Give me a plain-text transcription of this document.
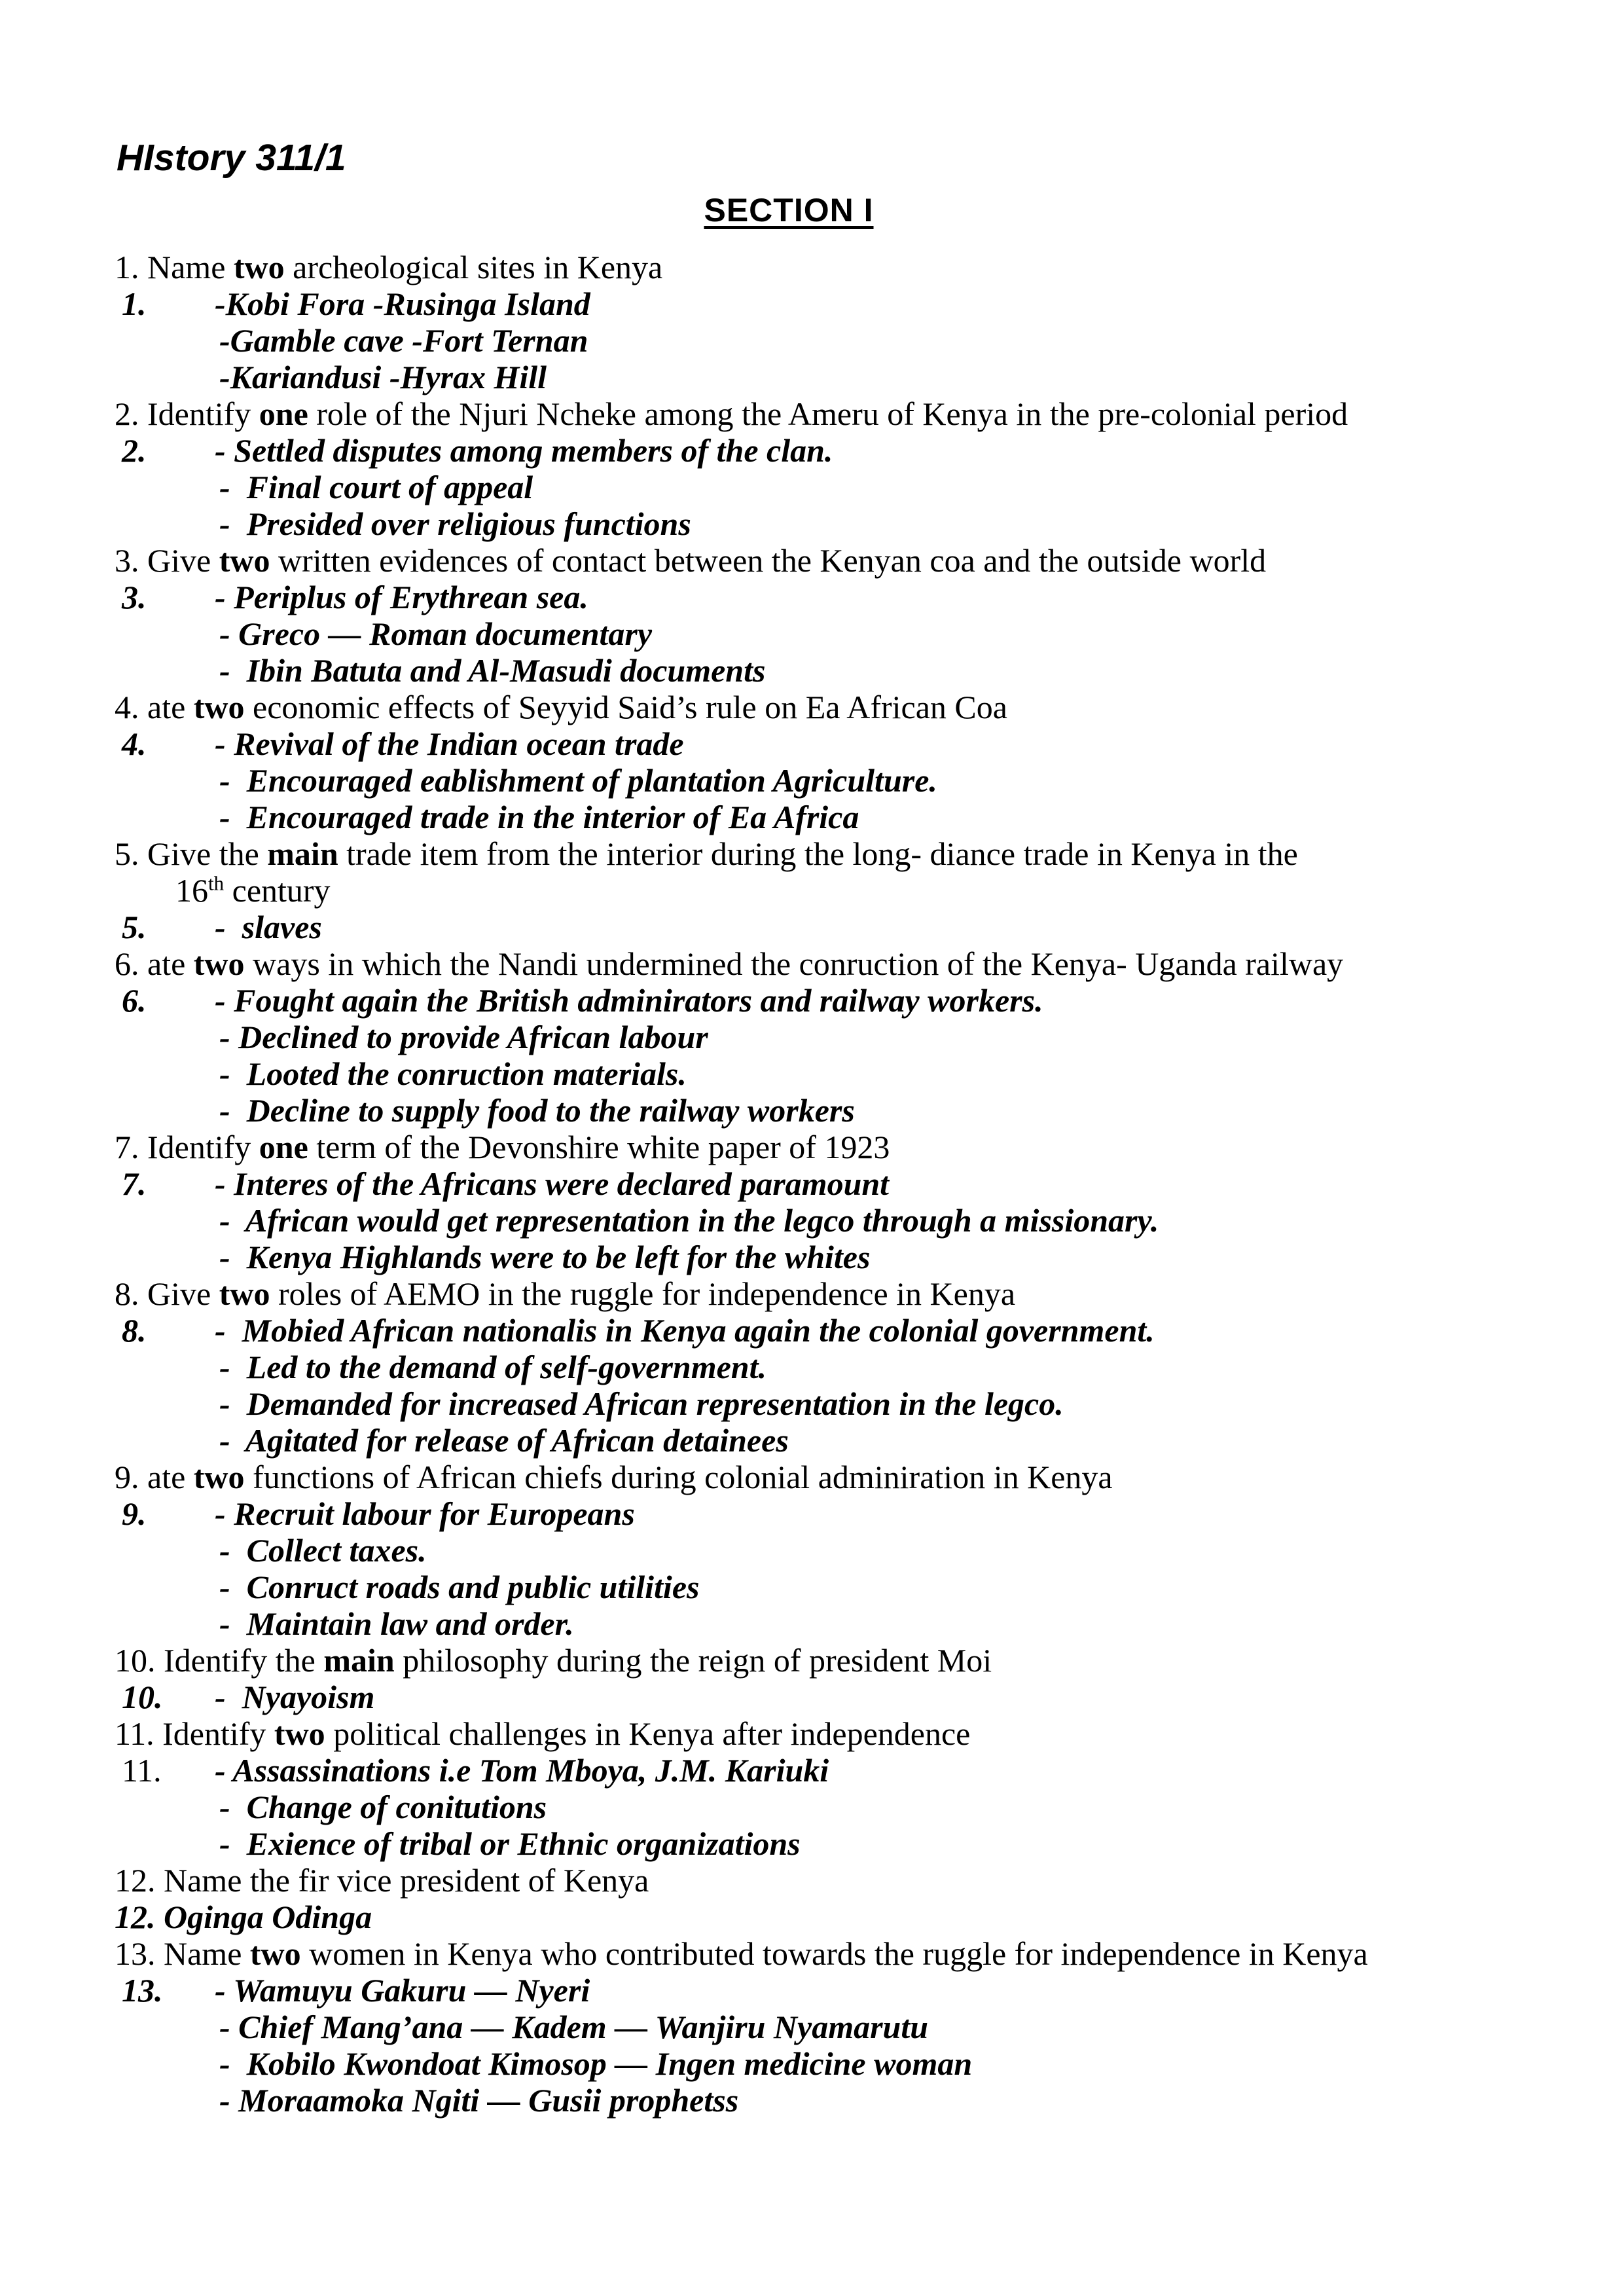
HIstory 311/1
SECTION I
1. Name two archeological sites in Kenya
1. -Kobi Fora -Rusinga Island
-Gamble cave -Fort Ternan
-Kariandusi -Hyrax Hill
2. Identify one role of the Njuri Ncheke among the Ameru of Kenya in the pre-colonial period
2. - Settled disputes among members of the clan.
-  Final court of appeal
-  Presided over religious functions
3. Give two written evidences of contact between the Kenyan coa and the outside world
3. - Periplus of Erythrean sea.
- Greco — Roman documentary
-  Ibin Batuta and Al-Masudi documents
4. ate two economic effects of Seyyid Said’s rule on Ea African Coa
4. - Revival of the Indian ocean trade
-  Encouraged eablishment of plantation Agriculture.
-  Encouraged trade in the interior of Ea Africa
5. Give the main trade item from the interior during the long- diance trade in Kenya in the
16th century
5. -  slaves
6. ate two ways in which the Nandi undermined the conruction of the Kenya- Uganda railway
6. - Fought again the British adminirators and railway workers.
- Declined to provide African labour
-  Looted the conruction materials.
-  Decline to supply food to the railway workers
7. Identify one term of the Devonshire white paper of 1923
7. - Interes of the Africans were declared paramount
-  African would get representation in the legco through a missionary.
-  Kenya Highlands were to be left for the whites
8. Give two roles of AEMO in the ruggle for independence in Kenya
8. -  Mobied African nationalis in Kenya again the colonial government.
-  Led to the demand of self-government.
-  Demanded for increased African representation in the legco.
-  Agitated for release of African detainees
9. ate two functions of African chiefs during colonial adminiration in Kenya
9. - Recruit labour for Europeans
-  Collect taxes.
-  Conruct roads and public utilities
-  Maintain law and order.
10. Identify the main philosophy during the reign of president Moi
10. -  Nyayoism
11. Identify two political challenges in Kenya after independence
11. - Assassinations i.e Tom Mboya, J.M. Kariuki
-  Change of conitutions
-  Exience of tribal or Ethnic organizations
12. Name the fir vice president of Kenya
12. Oginga Odinga
13. Name two women in Kenya who contributed towards the ruggle for independence in Kenya
13. - Wamuyu Gakuru — Nyeri
- Chief Mang’ana — Kadem — Wanjiru Nyamarutu
-  Kobilo Kwondoat Kimosop — Ingen medicine woman
- Moraamoka Ngiti — Gusii prophetss
